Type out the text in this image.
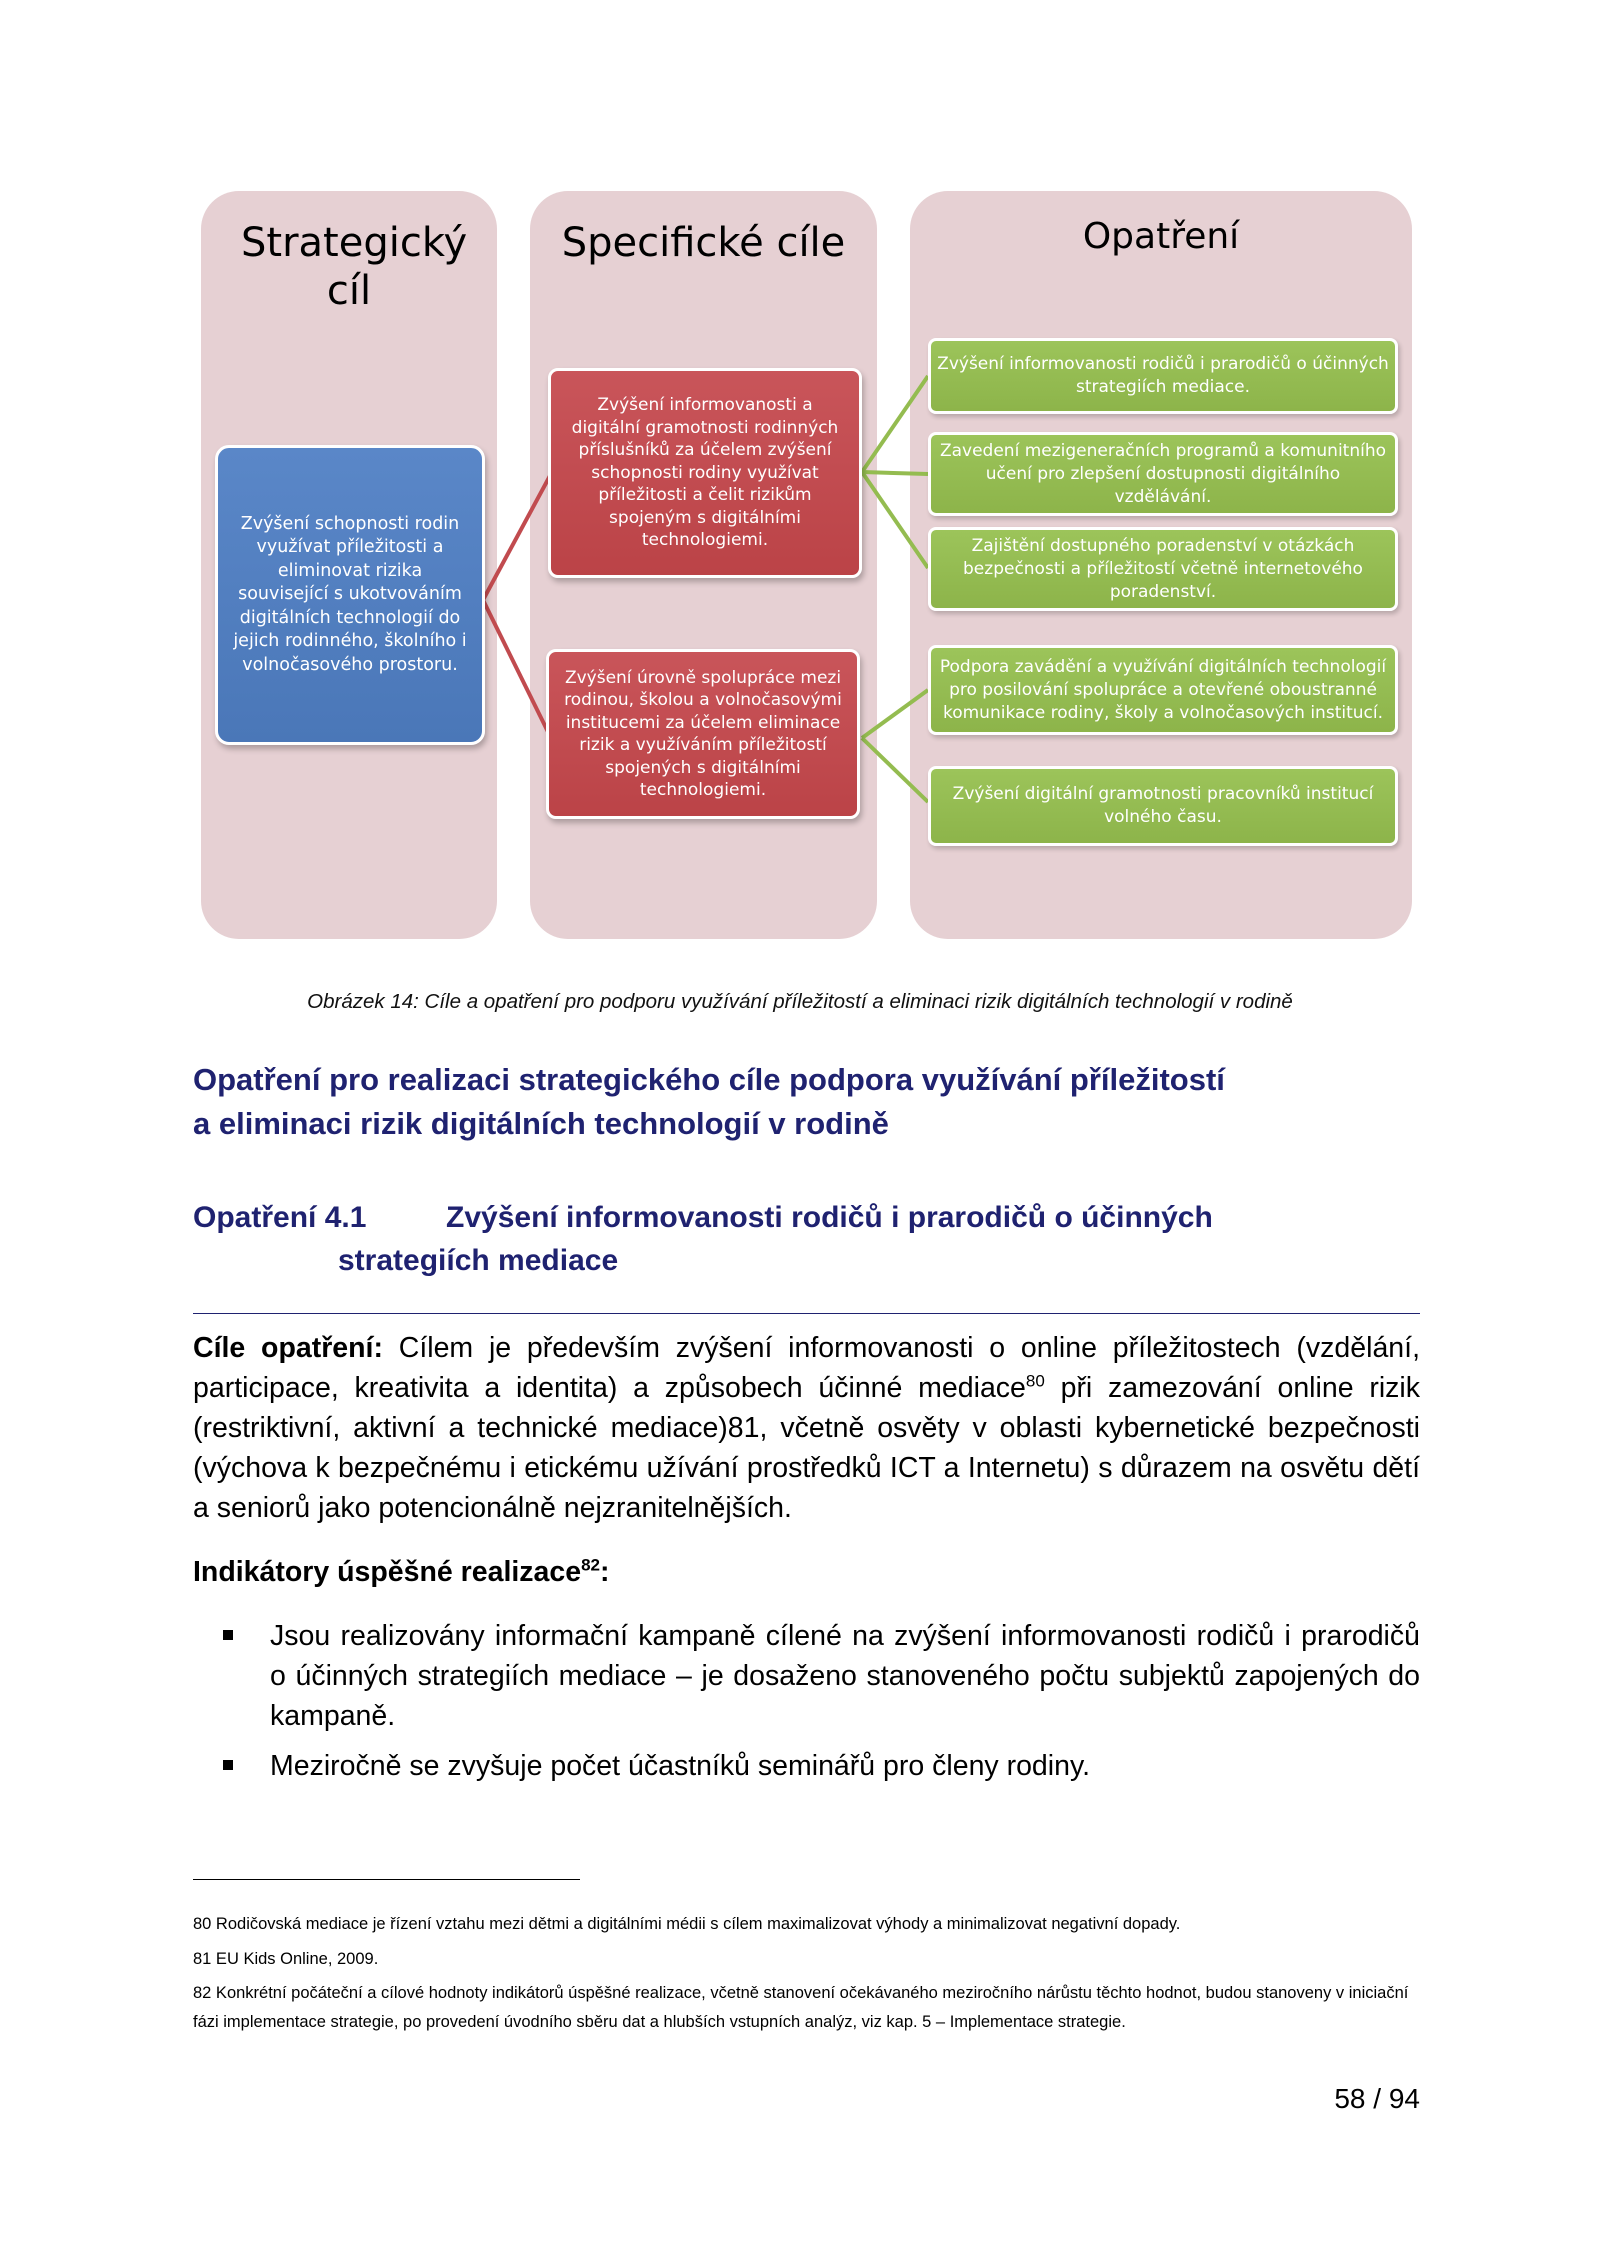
Strategický cíl
Specifické cíle	Opatření
Zvýšení schopnosti rodin využívat příležitosti a eliminovat rizika související s ukotvováním digitálních technologií do jejich rodinného, školního i volnočasového prostoru.
Zvýšení informovanosti a digitální gramotnosti rodinných příslušníků za účelem zvýšení schopnosti rodiny využívat příležitosti a čelit rizikům spojeným s digitálními technologiemi.
Zvýšení úrovně spolupráce mezi rodinou, školou a volnočasovými institucemi za účelem eliminace rizik a využíváním příležitostí spojených s digitálními technologiemi.
Zvýšení informovanosti rodičů i prarodičů o účinných strategiích mediace.
Zavedení mezigeneračních programů a komunitního učení pro zlepšení dostupnosti digitálního vzdělávání.
Zajištění dostupného poradenství v otázkách bezpečnosti a příležitostí včetně internetového poradenství.
Podpora zavádění a využívání digitálních technologií pro posilování spolupráce a otevřené oboustranné komunikace rodiny, školy a volnočasových institucí.
Zvýšení digitální gramotnosti pracovníků institucí volného času.
Obrázek 14: Cíle a opatření pro podporu využívání příležitostí a eliminaci rizik digitálních technologií v rodině
Opatření pro realizaci strategického cíle podpora využívání příležitostí
a eliminaci rizik digitálních technologií v rodině
Opatření 4.1	Zvýšení informovanosti rodičů i prarodičů o účinných
strategiích mediace
Cíle opatření: Cílem je především zvýšení informovanosti o online příležitostech (vzdělání, participace, kreativita a identita) a způsobech účinné mediace$^{80}$ při zamezování online rizik (restriktivní, aktivní a technické mediace)81, včetně osvěty v oblasti kybernetické bezpečnosti (výchova k bezpečnému i etickému užívání prostředků ICT a Internetu) s důrazem na osvětu dětí a seniorů jako potencionálně nejzranitelnějších.
Indikátory úspěšné realizace$^{82}$:
Jsou realizovány informační kampaně cílené na zvýšení informovanosti rodičů i prarodičů o účinných strategiích mediace – je dosaženo stanoveného počtu subjektů zapojených do kampaně.
Meziročně se zvyšuje počet účastníků seminářů pro členy rodiny.
80 Rodičovská mediace je řízení vztahu mezi dětmi a digitálními médii s cílem maximalizovat výhody a minimalizovat negativní dopady.
81 EU Kids Online, 2009.
82 Konkrétní počáteční a cílové hodnoty indikátorů úspěšné realizace, včetně stanovení očekávaného meziročního nárůstu těchto hodnot, budou stanoveny v iniciační fázi implementace strategie, po provedení úvodního sběru dat a hlubších vstupních analýz, viz kap. 5 – Implementace strategie.
58 / 94
